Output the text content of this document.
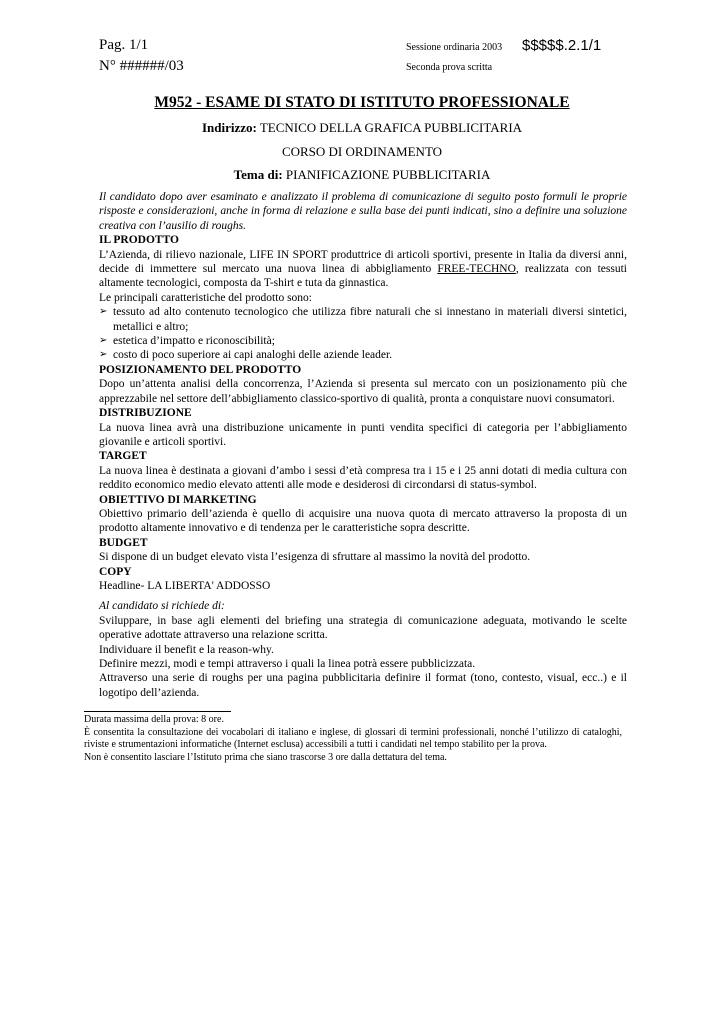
Pag. 1/1
N° ######/03
Sessione ordinaria 2003
Seconda prova scritta
$$$$$.2.1/1
M952 - ESAME DI STATO DI ISTITUTO PROFESSIONALE
Indirizzo: TECNICO DELLA GRAFICA PUBBLICITARIA
CORSO DI ORDINAMENTO
Tema di: PIANIFICAZIONE PUBBLICITARIA

Il candidato dopo aver esaminato e analizzato il problema di comunicazione di seguito posto formuli le proprie risposte e considerazioni, anche in forma di relazione e sulla base dei punti indicati, sino a definire una soluzione creativa con l’ausilio di roughs.

IL PRODOTTO

L’Azienda, di rilievo nazionale, LIFE IN SPORT produttrice di articoli sportivi, presente in Italia da diversi anni, decide di immettere sul mercato una nuova linea di abbigliamento FREE-TECHNO, realizzata con tessuti altamente tecnologici, composta da T-shirt e tuta da ginnastica.

Le principali caratteristiche del prodotto sono:

➢ tessuto ad alto contenuto tecnologico che utilizza fibre naturali che si innestano in materiali diversi sintetici, metallici e altro;
➢ estetica d’impatto e riconoscibilità;
➢ costo di poco superiore ai capi analoghi delle aziende leader.
POSIZIONAMENTO DEL PRODOTTO

Dopo un’attenta analisi della concorrenza, l’Azienda si presenta sul mercato con un posizionamento più che apprezzabile nel settore dell’abbigliamento classico-sportivo di qualità, pronta a conquistare nuovi consumatori.

DISTRIBUZIONE

La nuova linea avrà una distribuzione unicamente in punti vendita specifici di categoria per l’abbigliamento giovanile e articoli sportivi.

TARGET

La nuova linea è destinata a giovani d’ambo i sessi d’età compresa tra i 15 e i 25 anni dotati di media cultura con reddito economico medio elevato attenti alle mode e desiderosi di circondarsi di status-symbol.

OBIETTIVO DI MARKETING

Obiettivo primario dell’azienda è quello di acquisire una nuova quota di mercato attraverso la proposta di un prodotto altamente innovativo e di tendenza per le caratteristiche sopra descritte.

BUDGET

Si dispone di un budget elevato vista l’esigenza di sfruttare al massimo la novità del prodotto.

COPY

Headline- LA LIBERTA' ADDOSSO

Al candidato si richiede di:

Sviluppare, in base agli elementi del briefing una strategia di comunicazione adeguata, motivando le scelte operative adottate attraverso una relazione scritta.

Individuare il benefit e la reason-why.

Definire mezzi, modi e tempi attraverso i quali la linea potrà essere pubblicizzata.

Attraverso una serie di roughs per una pagina pubblicitaria definire il format (tono, contesto, visual, ecc..) e il logotipo dell’azienda.

Durata massima della prova: 8 ore.

È consentita la consultazione dei vocabolari di italiano e inglese, di glossari di termini professionali, nonché l’utilizzo di cataloghi, riviste e strumentazioni informatiche (Internet esclusa) accessibili a tutti i candidati nel tempo stabilito per la prova.

Non è consentito lasciare l’Istituto prima che siano trascorse 3 ore dalla dettatura del tema.
